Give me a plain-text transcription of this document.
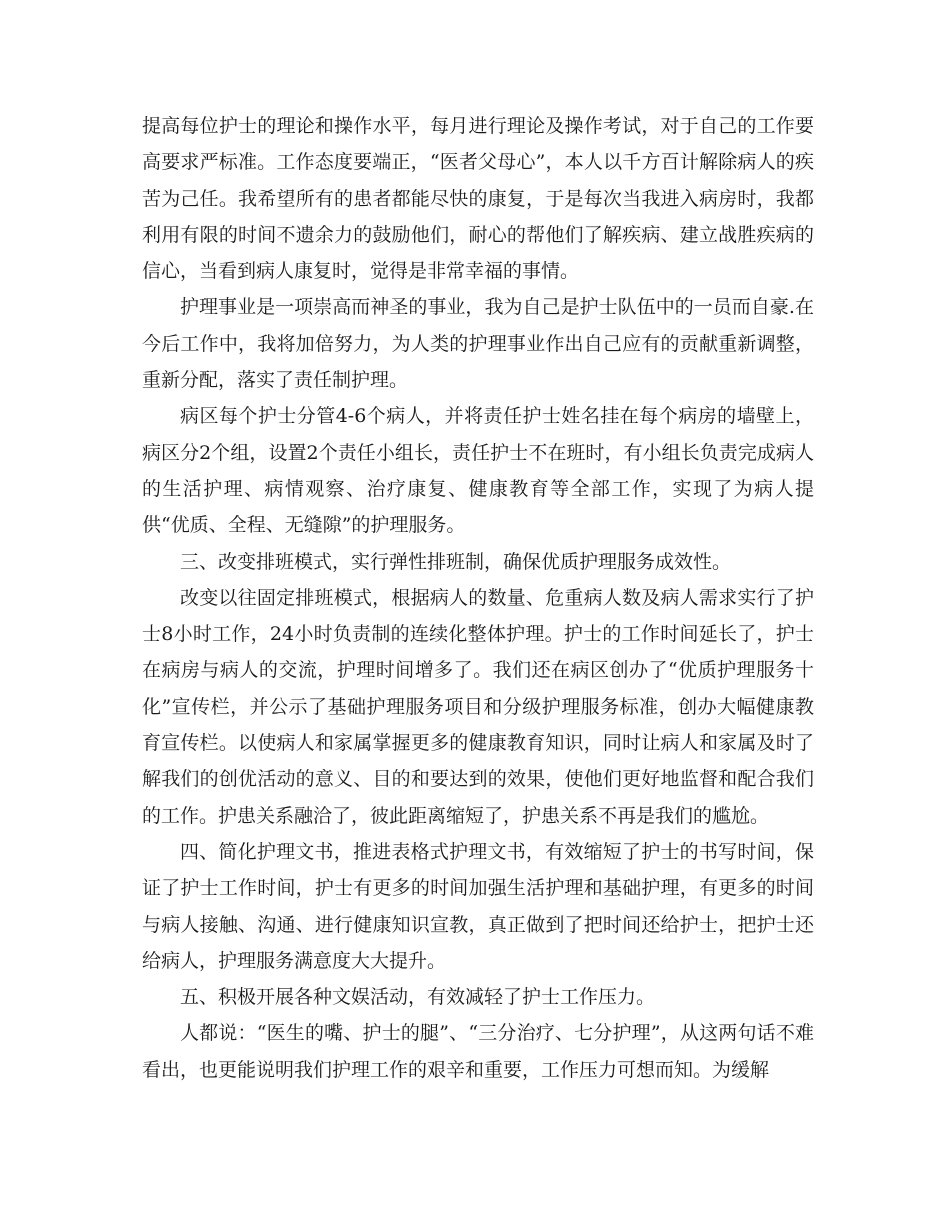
提高每位护士的理论和操作水平，每月进行理论及操作考试，对于自己的工作要高要求严标准。工作态度要端正，“医者父母心”，本人以千方百计解除病人的疾苦为己任。我希望所有的患者都能尽快的康复，于是每次当我进入病房时，我都利用有限的时间不遗余力的鼓励他们，耐心的帮他们了解疾病、建立战胜疾病的信心，当看到病人康复时，觉得是非常幸福的事情。

护理事业是一项崇高而神圣的事业，我为自己是护士队伍中的一员而自豪.在今后工作中，我将加倍努力，为人类的护理事业作出自己应有的贡献重新调整，重新分配，落实了责任制护理。

病区每个护士分管4-6个病人，并将责任护士姓名挂在每个病房的墙壁上，病区分2个组，设置2个责任小组长，责任护士不在班时，有小组长负责完成病人的生活护理、病情观察、治疗康复、健康教育等全部工作，实现了为病人提供“优质、全程、无缝隙”的护理服务。

三、改变排班模式，实行弹性排班制，确保优质护理服务成效性。

改变以往固定排班模式，根据病人的数量、危重病人数及病人需求实行了护士8小时工作，24小时负责制的连续化整体护理。护士的工作时间延长了，护士在病房与病人的交流，护理时间增多了。我们还在病区创办了“优质护理服务十化”宣传栏，并公示了基础护理服务项目和分级护理服务标准，创办大幅健康教育宣传栏。以使病人和家属掌握更多的健康教育知识，同时让病人和家属及时了解我们的创优活动的意义、目的和要达到的效果，使他们更好地监督和配合我们的工作。护患关系融洽了，彼此距离缩短了，护患关系不再是我们的尴尬。

四、简化护理文书，推进表格式护理文书，有效缩短了护士的书写时间，保证了护士工作时间，护士有更多的时间加强生活护理和基础护理，有更多的时间与病人接触、沟通、进行健康知识宣教，真正做到了把时间还给护士，把护士还给病人，护理服务满意度大大提升。

五、积极开展各种文娱活动，有效减轻了护士工作压力。

人都说：“医生的嘴、护士的腿”、“三分治疗、七分护理”，从这两句话不难看出，也更能说明我们护理工作的艰辛和重要，工作压力可想而知。为缓解
